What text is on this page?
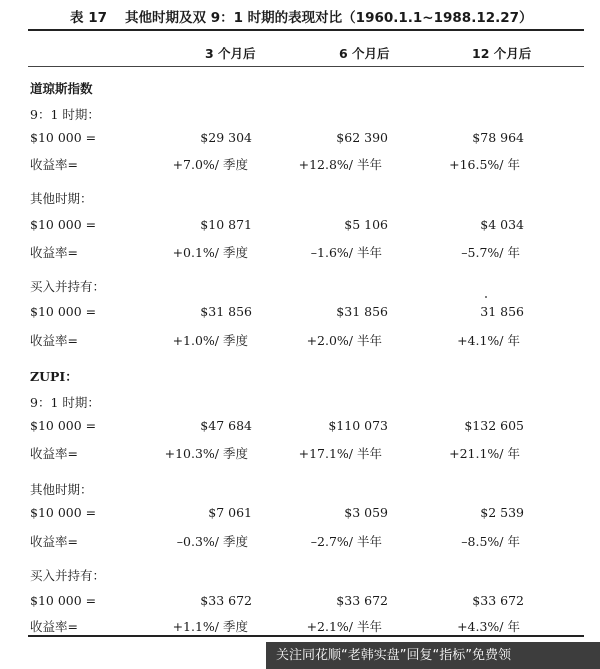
表 17 其他时期及双 9：1 时期的表现对比（1960.1.1~1988.12.27）
3 个月后	6 个月后	12 个月后
道琼斯指数
9：1 时期：
$10 000 =	$29 304	$62 390	$78 964
收益率=	+7.0%/ 季度	+12.8%/ 半年	+16.5%/ 年
其他时期：
$10 000 =	$10 871	$5 106	$4 034
收益率=	+0.1%/ 季度	–1.6%/ 半年	–5.7%/ 年
买入并持有：
$10 000 =	$31 856	$31 856	31 856
收益率=	+1.0%/ 季度	+2.0%/ 半年	+4.1%/ 年
ZUPI：
9：1 时期：
$10 000 =	$47 684	$110 073	$132 605
收益率=	+10.3%/ 季度	+17.1%/ 半年	+21.1%/ 年
其他时期：
$10 000 =	$7 061	$3 059	$2 539
收益率=	–0.3%/ 季度	–2.7%/ 半年	–8.5%/ 年
买入并持有：
$10 000 =	$33 672	$33 672	$33 672
收益率=	+1.1%/ 季度	+2.1%/ 半年	+4.3%/ 年
关注同花顺“老韩实盘”回复“指标”免费领
